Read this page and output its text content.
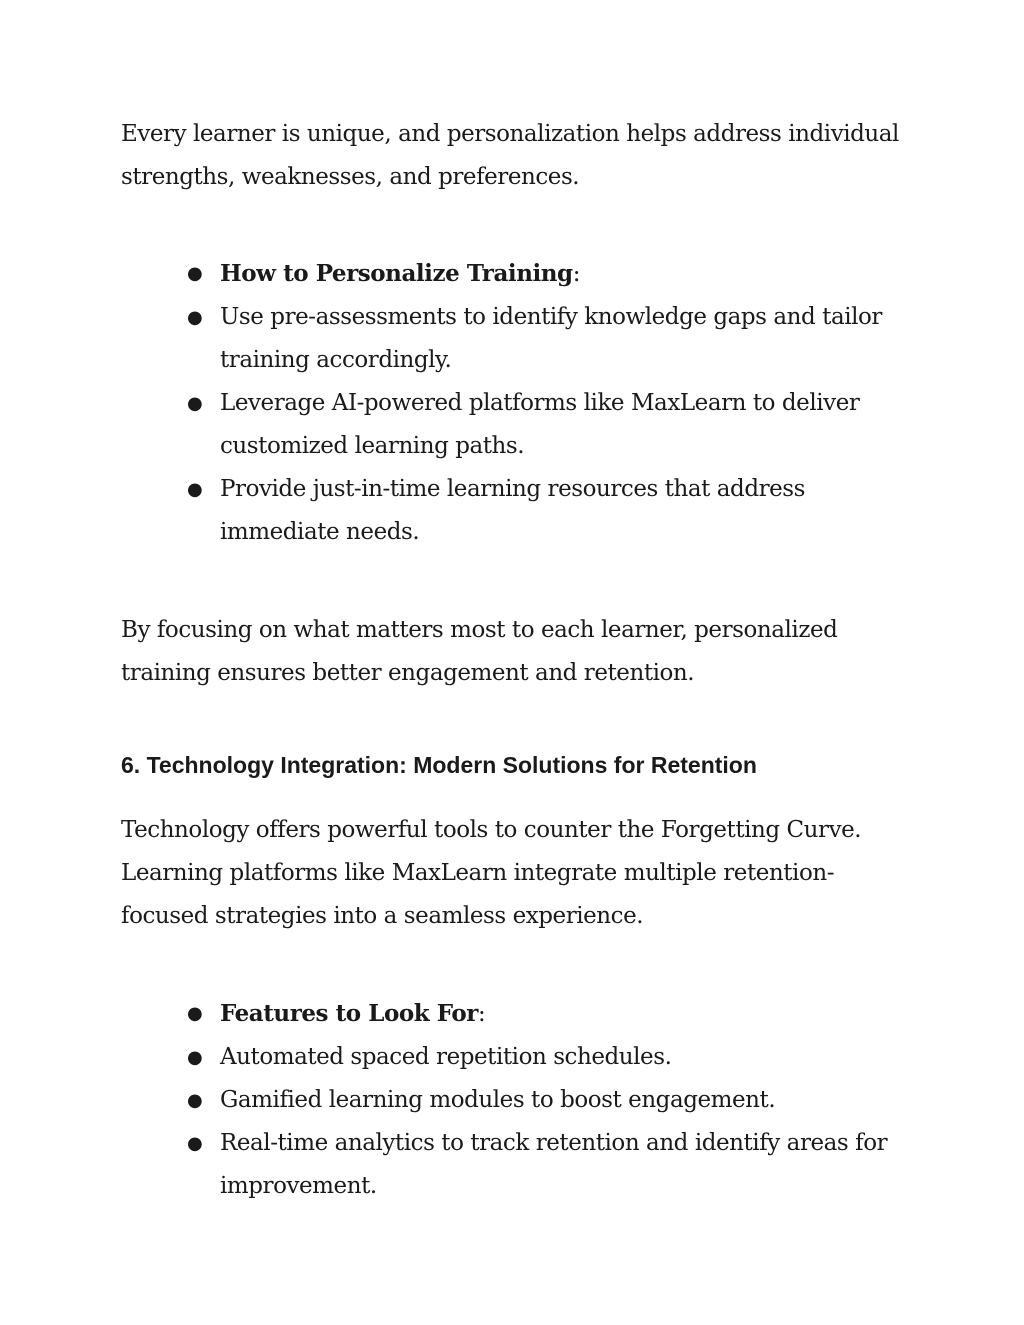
Every learner is unique, and personalization helps address individual strengths, weaknesses, and preferences.

● How to Personalize Training:
● Use pre-assessments to identify knowledge gaps and tailor training accordingly.
● Leverage AI-powered platforms like MaxLearn to deliver customized learning paths.
● Provide just-in-time learning resources that address immediate needs.

By focusing on what matters most to each learner, personalized training ensures better engagement and retention.

6. Technology Integration: Modern Solutions for Retention

Technology offers powerful tools to counter the Forgetting Curve. Learning platforms like MaxLearn integrate multiple retention-focused strategies into a seamless experience.

● Features to Look For:
● Automated spaced repetition schedules.
● Gamified learning modules to boost engagement.
● Real-time analytics to track retention and identify areas for improvement.
